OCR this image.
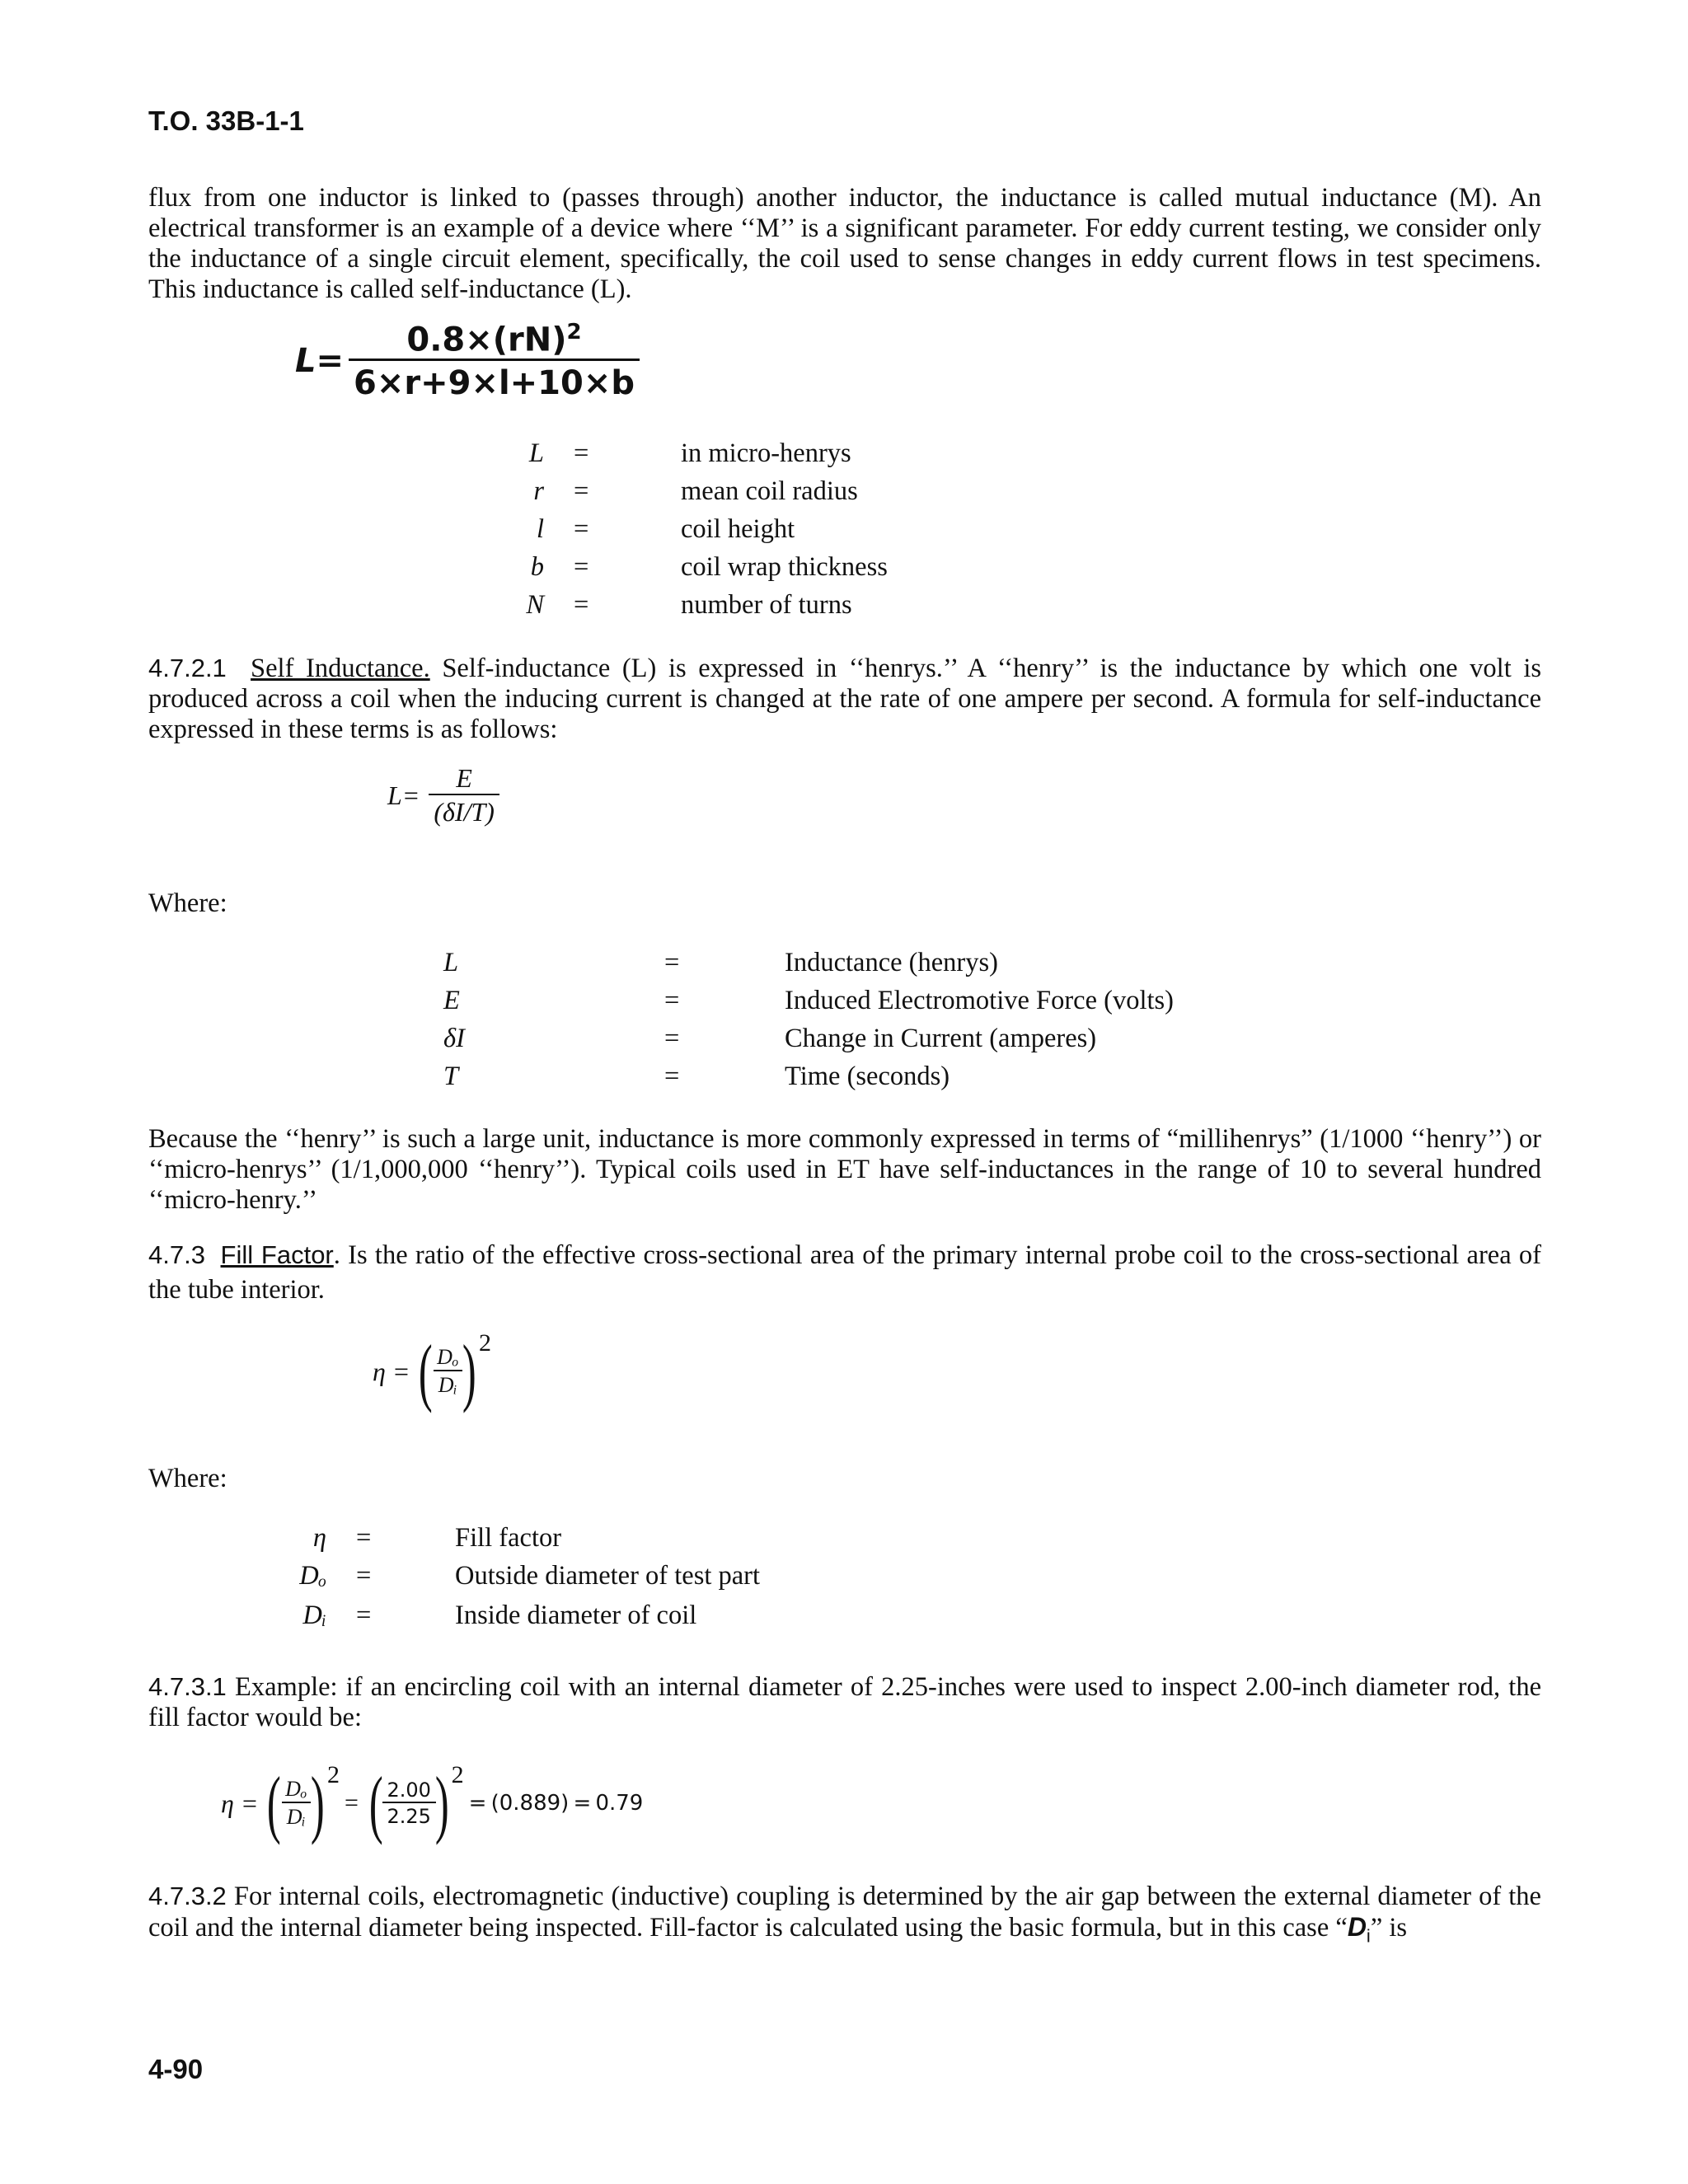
T.O. 33B-1-1
flux from one inductor is linked to (passes through) another inductor, the inductance is called mutual inductance (M). An electrical transformer is an example of a device where ‘‘M’’ is a significant parameter. For eddy current testing, we consider only the inductance of a single circuit element, specifically, the coil used to sense changes in eddy current flows in test specimens. This inductance is called self-inductance (L).
$L= \frac{0.8\times(rN)^2}{6\times r+9\times l+10\times b}$
L =	in micro-henrys
r =	mean coil radius
l =	coil height
b =	coil wrap thickness
N =	number of turns
4.7.2.1 Self Inductance. Self-inductance (L) is expressed in ‘‘henrys.’’ A ‘‘henry’’ is the inductance by which one volt is produced across a coil when the inducing current is changed at the rate of one ampere per second. A formula for self-inductance expressed in these terms is as follows:
$L= \frac{E}{(\delta I/T)}$
Where:
L	=	Inductance (henrys)
E	=	Induced Electromotive Force (volts)
δI	=	Change in Current (amperes)
T	=	Time (seconds)
Because the ‘‘henry’’ is such a large unit, inductance is more commonly expressed in terms of “millihenrys” (1/1000 ‘‘henry’’) or ‘‘micro-henrys’’ (1/1,000,000 ‘‘henry’’). Typical coils used in ET have self-inductances in the range of 10 to several hundred ‘‘micro-henry.’’
4.7.3 Fill Factor. Is the ratio of the effective cross-sectional area of the primary internal probe coil to the cross-sectional area of the tube interior.
η = (
$\frac{\text{Dₒ}}{\text{Dᵢ}}$
) 2
Where:
η =	Fill factor
Dₒ =	Outside diameter of test part
Dᵢ =	Inside diameter of coil
4.7.3.1 Example: if an encircling coil with an internal diameter of 2.25-inches were used to inspect 2.00-inch diameter rod, the fill factor would be:
η = (
$\frac{\text{Dₒ}}{\text{Dᵢ}}$
) 2
= (
$\frac{2.00}{2.25}$
) 2
= (0.889) = 0.79
4.7.3.2 For internal coils, electromagnetic (inductive) coupling is determined by the air gap between the external diameter of the coil and the internal diameter being inspected. Fill-factor is calculated using the basic formula, but in this case “$D_i$” is
4-90
